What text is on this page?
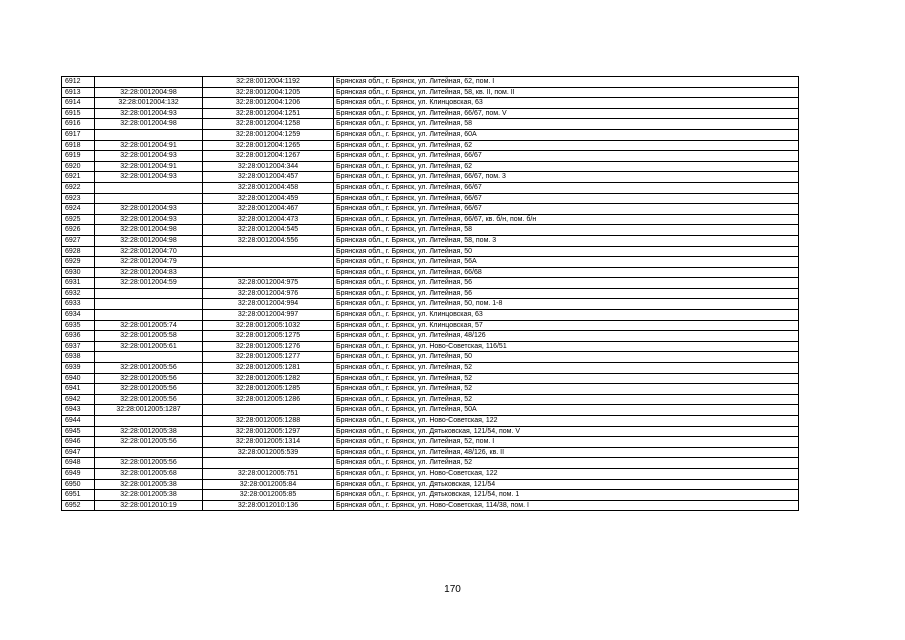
6912		32:28:0012004:1192	Брянская обл., г. Брянск, ул. Литейная, 62, пом. I
6913	32:28:0012004:98	32:28:0012004:1205	Брянская обл., г. Брянск, ул. Литейная, 58, кв. II, пом. II
6914	32:28:0012004:132	32:28:0012004:1206	Брянская обл., г. Брянск, ул. Клинцовская, 63
6915	32:28:0012004:93	32:28:0012004:1251	Брянская обл., г. Брянск, ул. Литейная, 66/67, пом. V
6916	32:28:0012004:98	32:28:0012004:1258	Брянская обл., г. Брянск, ул. Литейная, 58
6917		32:28:0012004:1259	Брянская обл., г. Брянск, ул. Литейная, 60А
6918	32:28:0012004:91	32:28:0012004:1265	Брянская обл., г. Брянск, ул. Литейная, 62
6919	32:28:0012004:93	32:28:0012004:1267	Брянская обл., г. Брянск, ул. Литейная, 66/67
6920	32:28:0012004:91	32:28:0012004:344	Брянская обл., г. Брянск, ул. Литейная, 62
6921	32:28:0012004:93	32:28:0012004:457	Брянская обл., г. Брянск, ул. Литейная, 66/67, пом. 3
6922		32:28:0012004:458	Брянская обл., г. Брянск, ул. Литейная, 66/67
6923		32:28:0012004:459	Брянская обл., г. Брянск, ул. Литейная, 66/67
6924	32:28:0012004:93	32:28:0012004:467	Брянская обл., г. Брянск, ул. Литейная, 66/67
6925	32:28:0012004:93	32:28:0012004:473	Брянская обл., г. Брянск, ул. Литейная, 66/67, кв. б/н, пом. б/н
6926	32:28:0012004:98	32:28:0012004:545	Брянская обл., г. Брянск, ул. Литейная, 58
6927	32:28:0012004:98	32:28:0012004:556	Брянская обл., г. Брянск, ул. Литейная, 58, пом. 3
6928	32:28:0012004:70		Брянская обл., г. Брянск, ул. Литейная, 50
6929	32:28:0012004:79		Брянская обл., г. Брянск, ул. Литейная, 56А
6930	32:28:0012004:83		Брянская обл., г. Брянск, ул. Литейная, 66/68
6931	32:28:0012004:59	32:28:0012004:975	Брянская обл., г. Брянск, ул. Литейная, 56
6932		32:28:0012004:976	Брянская обл., г. Брянск, ул. Литейная, 56
6933		32:28:0012004:994	Брянская обл., г. Брянск, ул. Литейная, 50, пом. 1-8
6934		32:28:0012004:997	Брянская обл., г. Брянск, ул. Клинцовская, 63
6935	32:28:0012005:74	32:28:0012005:1032	Брянская обл., г. Брянск, ул. Клинцовская, 57
6936	32:28:0012005:58	32:28:0012005:1275	Брянская обл., г. Брянск, ул. Литейная, 48/126
6937	32:28:0012005:61	32:28:0012005:1276	Брянская обл., г. Брянск, ул. Ново-Советская, 116/51
6938		32:28:0012005:1277	Брянская обл., г. Брянск, ул. Литейная, 50
6939	32:28:0012005:56	32:28:0012005:1281	Брянская обл., г. Брянск, ул. Литейная, 52
6940	32:28:0012005:56	32:28:0012005:1282	Брянская обл., г. Брянск, ул. Литейная, 52
6941	32:28:0012005:56	32:28:0012005:1285	Брянская обл., г. Брянск, ул. Литейная, 52
6942	32:28:0012005:56	32:28:0012005:1286	Брянская обл., г. Брянск, ул. Литейная, 52
6943	32:28:0012005:1287		Брянская обл., г. Брянск, ул. Литейная, 50А
6944		32:28:0012005:1288	Брянская обл., г. Брянск, ул. Ново-Советская, 122
6945	32:28:0012005:38	32:28:0012005:1297	Брянская обл., г. Брянск, ул. Дятьковская, 121/54, пом. V
6946	32:28:0012005:56	32:28:0012005:1314	Брянская обл., г. Брянск, ул. Литейная, 52, пом. I
6947		32:28:0012005:539	Брянская обл., г. Брянск, ул. Литейная, 48/126, кв. II
6948	32:28:0012005:56		Брянская обл., г. Брянск, ул. Литейная, 52
6949	32:28:0012005:68	32:28:0012005:751	Брянская обл., г. Брянск, ул. Ново-Советская, 122
6950	32:28:0012005:38	32:28:0012005:84	Брянская обл., г. Брянск, ул. Дятьковская, 121/54
6951	32:28:0012005:38	32:28:0012005:85	Брянская обл., г. Брянск, ул. Дятьковская, 121/54, пом. 1
6952	32:28:0012010:19	32:28:0012010:136	Брянская обл., г. Брянск, ул. Ново-Советская, 114/38, пом. I
170
